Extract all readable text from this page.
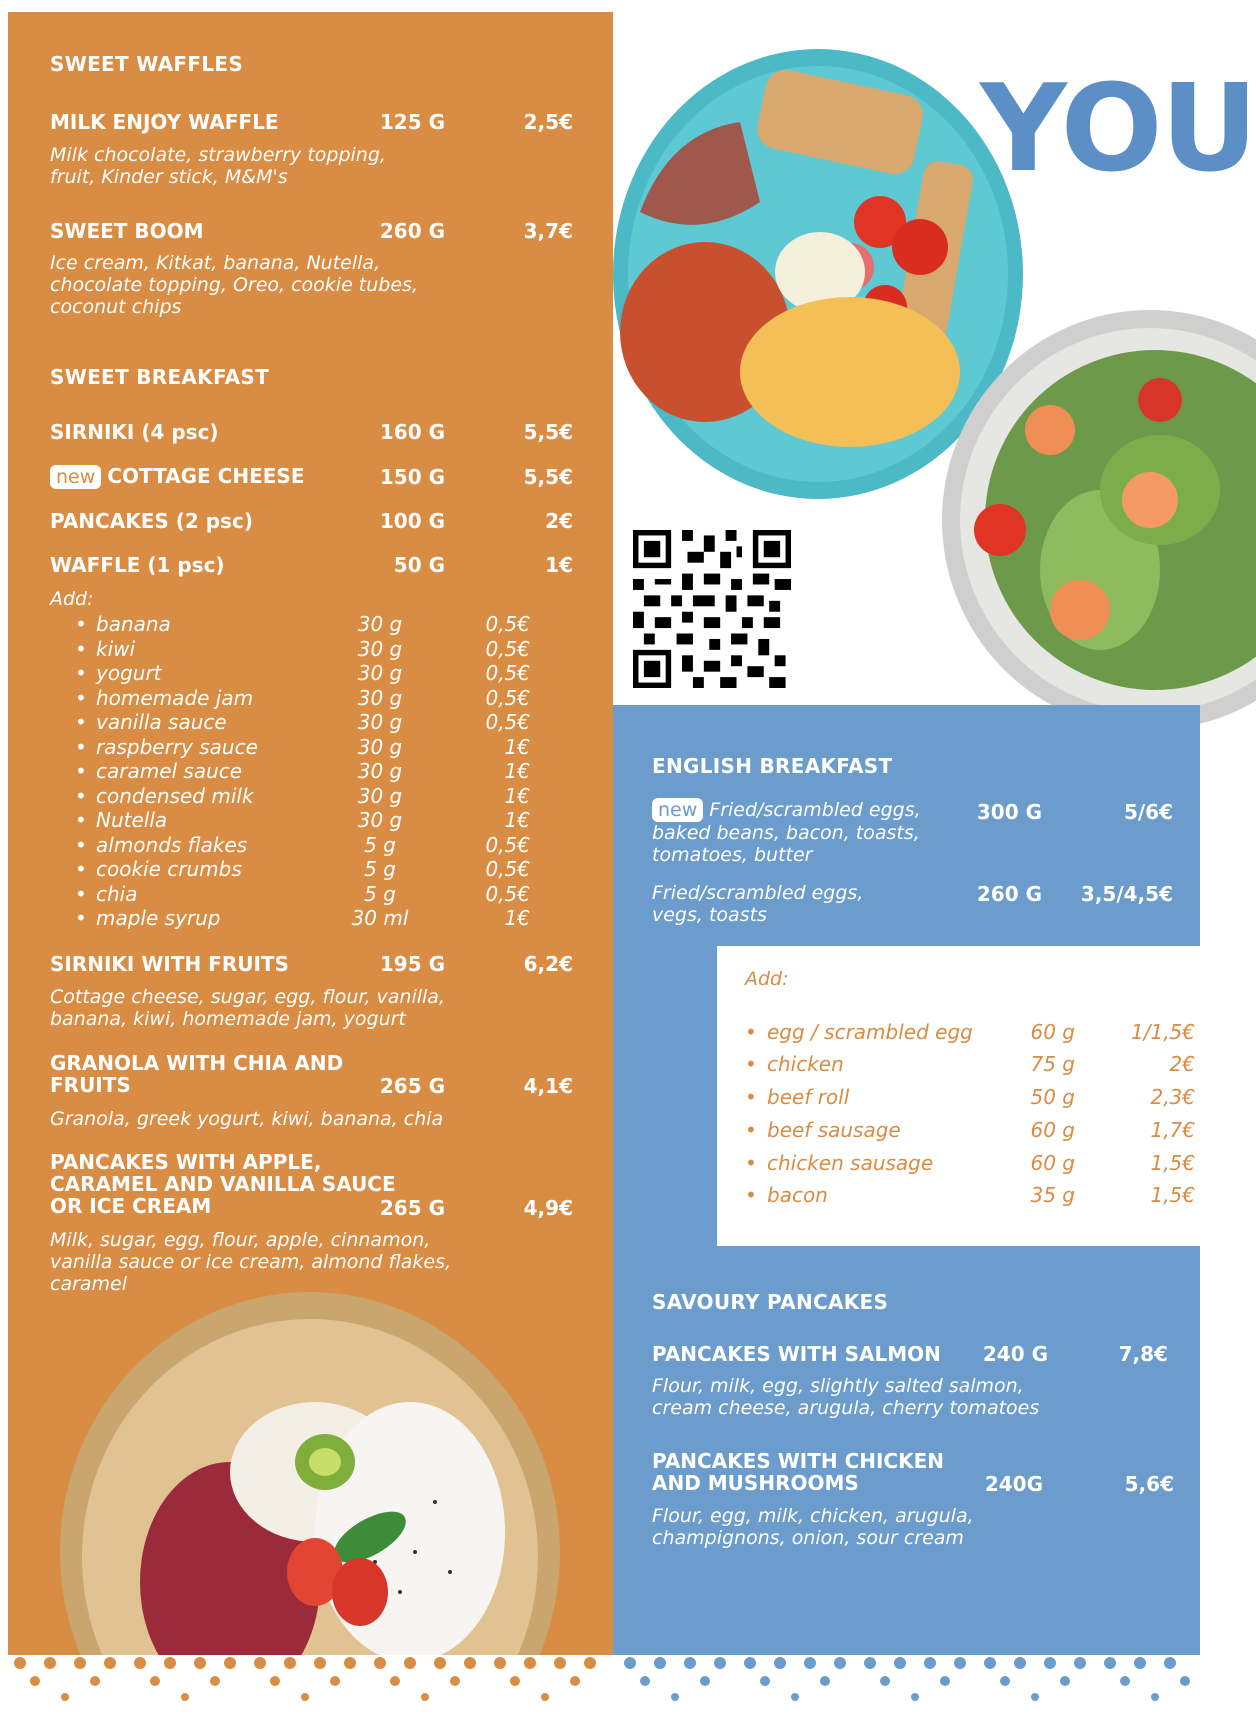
SWEET WAFFLES
MILK ENJOY WAFFLE	125 G	2,5€
Milk chocolate, strawberry topping,
fruit, Kinder stick, M&M's
SWEET BOOM	260 G	3,7€
Ice cream, Kitkat, banana, Nutella,
chocolate topping, Oreo, cookie tubes,
coconut chips
SWEET BREAKFAST
SIRNIKI (4 psc)	160 G	5,5€
new COTTAGE CHEESE	150 G	5,5€
PANCAKES (2 psc)	100 G	2€
WAFFLE (1 psc)	50 G	1€
Add:
• banana	30 g	0,5€
• kiwi	30 g	0,5€
• yogurt	30 g	0,5€
• homemade jam	30 g	0,5€
• vanilla sauce	30 g	0,5€
• raspberry sauce	30 g	1€
• caramel sauce	30 g	1€
• condensed milk	30 g	1€
• Nutella	30 g	1€
• almonds flakes	5 g	0,5€
• cookie crumbs	5 g	0,5€
• chia	5 g	0,5€
• maple syrup	30 ml	1€
SIRNIKI WITH FRUITS	195 G	6,2€
Cottage cheese, sugar, egg, flour, vanilla,
banana, kiwi, homemade jam, yogurt
GRANOLA WITH CHIA AND
FRUITS	265 G	4,1€
Granola, greek yogurt, kiwi, banana, chia
PANCAKES WITH APPLE,
CARAMEL AND VANILLA SAUCE
OR ICE CREAM	265 G	4,9€
Milk, sugar, egg, flour, apple, cinnamon,
vanilla sauce or ice cream, almond flakes,
caramel
YOU
ENGLISH BREAKFAST
new Fried/scrambled eggs,
baked beans, bacon, toasts,
tomatoes, butter
300 G	5/6€
Fried/scrambled eggs,
vegs, toasts
260 G	3,5/4,5€
Add:
• egg / scrambled egg	60 g	1/1,5€
• chicken	75 g	2€
• beef roll	50 g	2,3€
• beef sausage	60 g	1,7€
• chicken sausage	60 g	1,5€
• bacon	35 g	1,5€
SAVOURY PANCAKES
PANCAKES WITH SALMON	240 G	7,8€
Flour, milk, egg, slightly salted salmon,
cream cheese, arugula, cherry tomatoes
PANCAKES WITH CHICKEN
AND MUSHROOMS	240G	5,6€
Flour, egg, milk, chicken, arugula,
champignons, onion, sour cream
